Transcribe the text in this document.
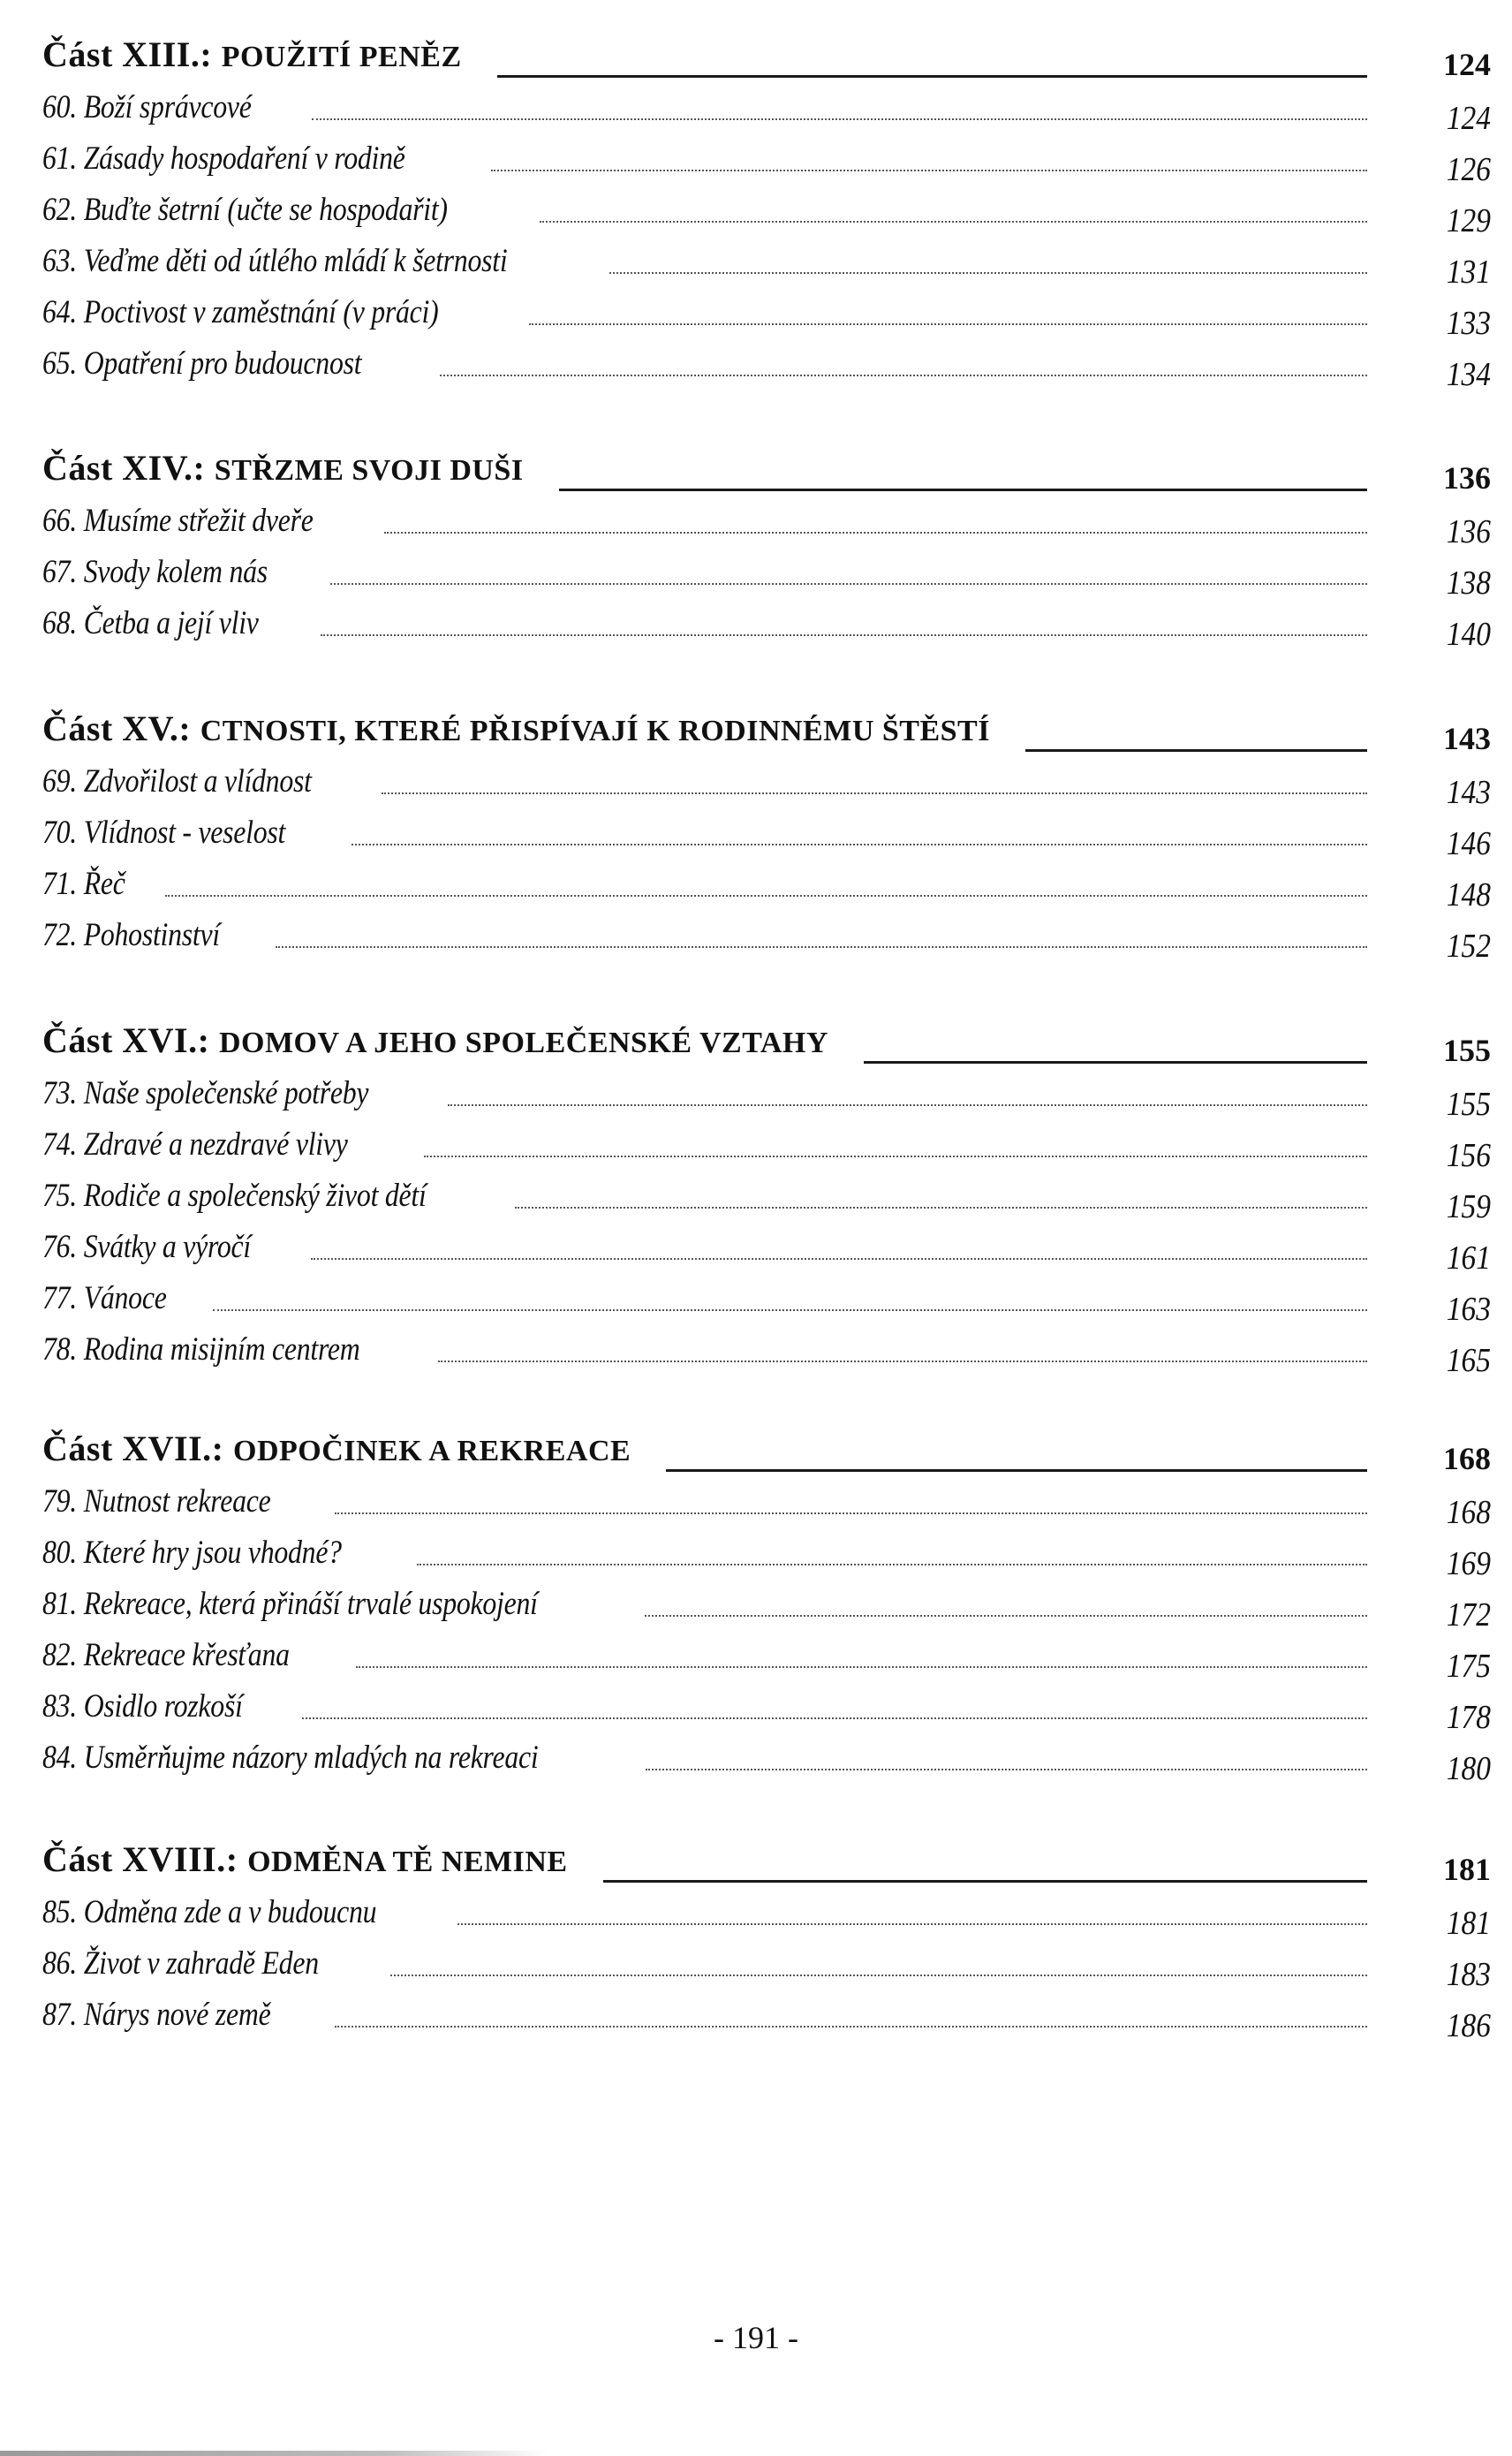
Část XIII.: POUŽITÍ PENĚZ	124
60. Boží správcové	124
61. Zásady hospodaření v rodině	126
62. Buďte šetrní (učte se hospodařit)	129
63. Veďme děti od útlého mládí k šetrnosti	131
64. Poctivost v zaměstnání (v práci)	133
65. Opatření pro budoucnost	134
Část XIV.: STŘZME SVOJI DUŠI	136
66. Musíme střežit dveře	136
67. Svody kolem nás	138
68. Četba a její vliv	140
Část XV.: CTNOSTI, KTERÉ PŘISPÍVAJÍ K RODINNÉMU ŠTĚSTÍ	143
69. Zdvořilost a vlídnost	143
70. Vlídnost - veselost	146
71. Řeč	148
72. Pohostinství	152
Část XVI.: DOMOV A JEHO SPOLEČENSKÉ VZTAHY	155
73. Naše společenské potřeby	155
74. Zdravé a nezdravé vlivy	156
75. Rodiče a společenský život dětí	159
76. Svátky a výročí	161
77. Vánoce	163
78. Rodina misijním centrem	165
Část XVII.: ODPOČINEK A REKREACE	168
79. Nutnost rekreace	168
80. Které hry jsou vhodné?	169
81. Rekreace, která přináší trvalé uspokojení	172
82. Rekreace křesťana	175
83. Osidlo rozkoší	178
84. Usměrňujme názory mladých na rekreaci	180
Část XVIII.: ODMĚNA TĚ NEMINE	181
85. Odměna zde a v budoucnu	181
86. Život v zahradě Eden	183
87. Nárys nové země	186
- 191 -
